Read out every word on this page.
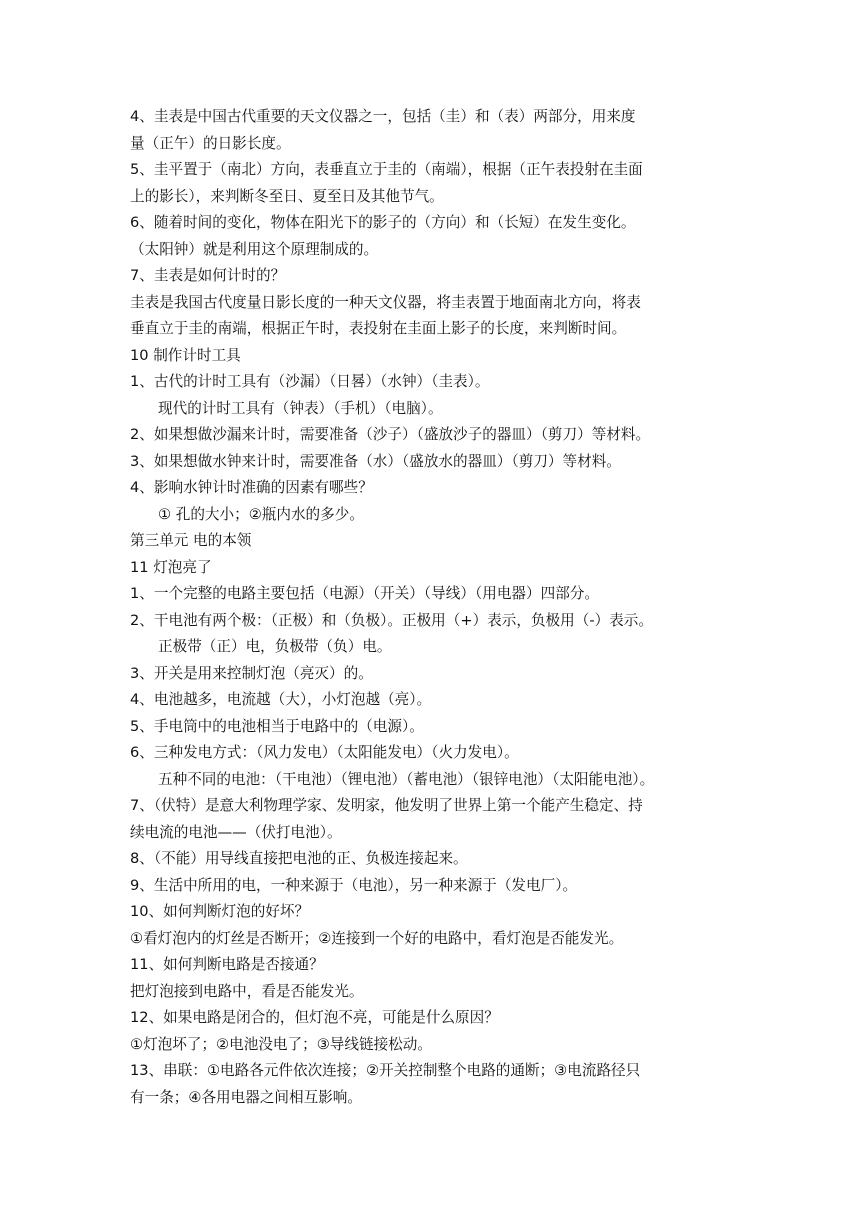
4、圭表是中国古代重要的天文仪器之一，包括（圭）和（表）两部分，用来度
量（正午）的日影长度。
5、圭平置于（南北）方向，表垂直立于圭的（南端），根据（正午表投射在圭面
上的影长），来判断冬至日、夏至日及其他节气。
6、随着时间的变化，物体在阳光下的影子的（方向）和（长短）在发生变化。
（太阳钟）就是利用这个原理制成的。
7、圭表是如何计时的？
圭表是我国古代度量日影长度的一种天文仪器，将圭表置于地面南北方向，将表
垂直立于圭的南端，根据正午时，表投射在圭面上影子的长度，来判断时间。
10 制作计时工具
1、古代的计时工具有（沙漏）（日晷）（水钟）（圭表）。
现代的计时工具有（钟表）（手机）（电脑）。
2、如果想做沙漏来计时，需要准备（沙子）（盛放沙子的器皿）（剪刀）等材料。
3、如果想做水钟来计时，需要准备（水）（盛放水的器皿）（剪刀）等材料。
4、影响水钟计时准确的因素有哪些？
① 孔的大小；②瓶内水的多少。
第三单元 电的本领
11 灯泡亮了
1、一个完整的电路主要包括（电源）（开关）（导线）（用电器）四部分。
2、干电池有两个极：（正极）和（负极）。正极用（+）表示，负极用（-）表示。
正极带（正）电，负极带（负）电。
3、开关是用来控制灯泡（亮灭）的。
4、电池越多，电流越（大），小灯泡越（亮）。
5、手电筒中的电池相当于电路中的（电源）。
6、三种发电方式：（风力发电）（太阳能发电）（火力发电）。
五种不同的电池：（干电池）（锂电池）（蓄电池）（银锌电池）（太阳能电池）。
7、（伏特）是意大利物理学家、发明家，他发明了世界上第一个能产生稳定、持
续电流的电池——（伏打电池）。
8、（不能）用导线直接把电池的正、负极连接起来。
9、生活中所用的电，一种来源于（电池），另一种来源于（发电厂）。
10、如何判断灯泡的好坏？
①看灯泡内的灯丝是否断开；②连接到一个好的电路中，看灯泡是否能发光。
11、如何判断电路是否接通？
把灯泡接到电路中，看是否能发光。
12、如果电路是闭合的，但灯泡不亮，可能是什么原因？
①灯泡坏了；②电池没电了；③导线链接松动。
13、串联：①电路各元件依次连接；②开关控制整个电路的通断；③电流路径只
有一条；④各用电器之间相互影响。
